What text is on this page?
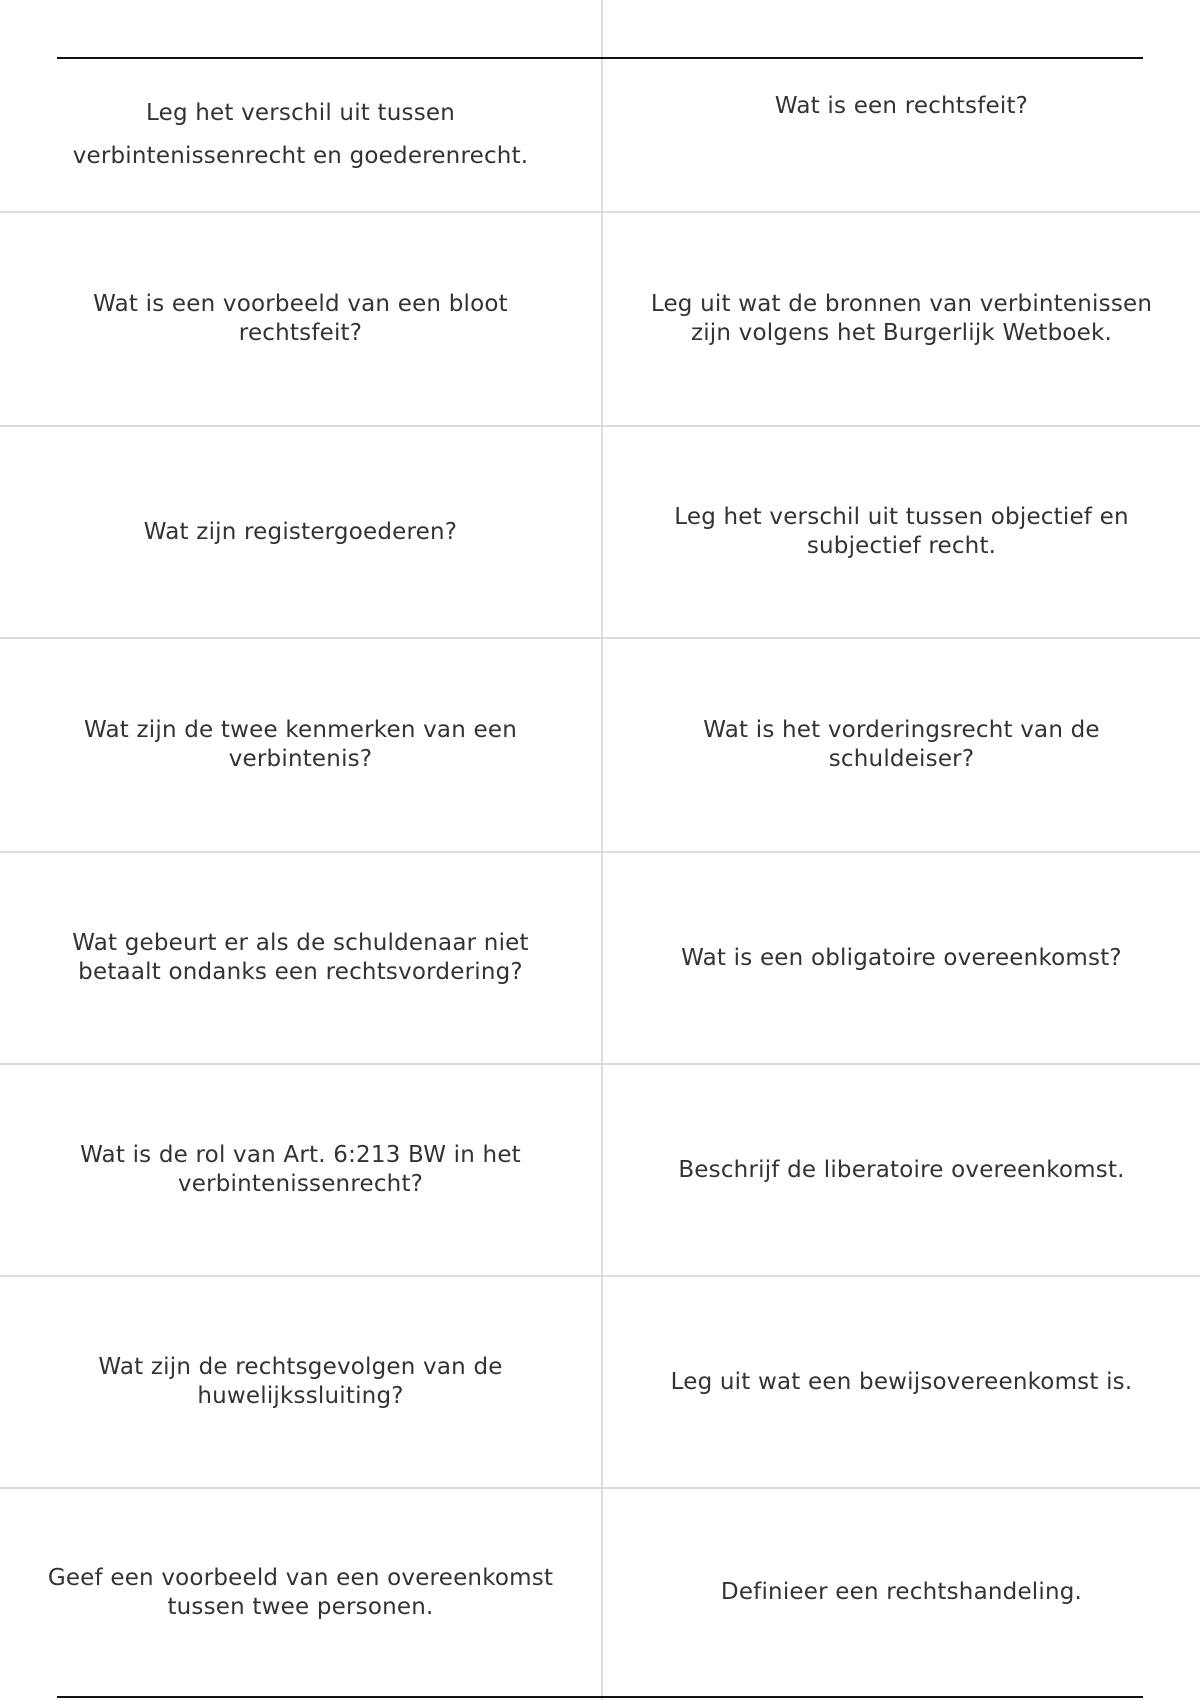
Leg het verschil uit tussen verbintenissenrecht en goederenrecht.
Wat is een rechtsfeit?
Wat is een voorbeeld van een bloot rechtsfeit?
Leg uit wat de bronnen van verbintenissen zijn volgens het Burgerlijk Wetboek.
Wat zijn registergoederen?
Leg het verschil uit tussen objectief en subjectief recht.
Wat zijn de twee kenmerken van een verbintenis?
Wat is het vorderingsrecht van de schuldeiser?
Wat gebeurt er als de schuldenaar niet betaalt ondanks een rechtsvordering?
Wat is een obligatoire overeenkomst?
Wat is de rol van Art. 6:213 BW in het verbintenissenrecht?
Beschrijf de liberatoire overeenkomst.
Wat zijn de rechtsgevolgen van de huwelijkssluiting?
Leg uit wat een bewijsovereenkomst is.
Geef een voorbeeld van een overeenkomst tussen twee personen.
Definieer een rechtshandeling.
